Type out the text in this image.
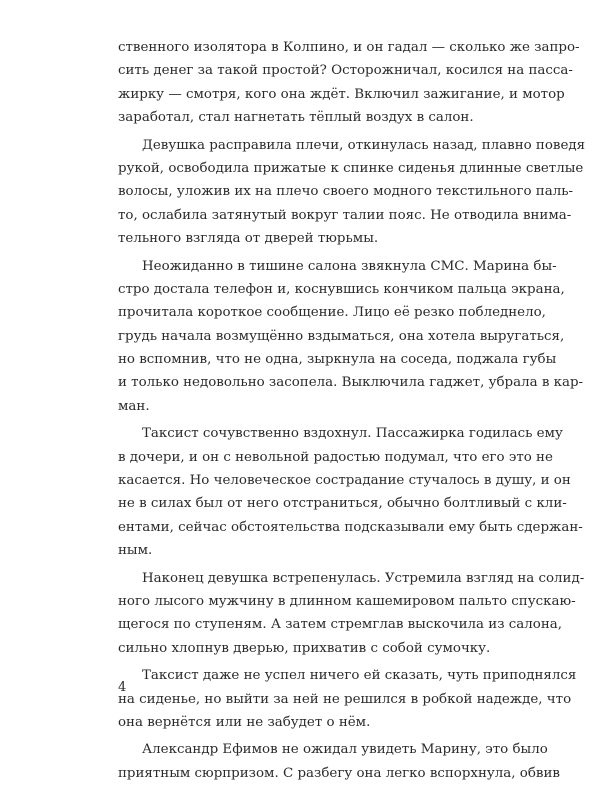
ственного изолятора в Колпино, и он гадал — сколько же запро-
сить денег за такой простой? Осторожничал, косился на пасса-
жирку — смотря, кого она ждёт. Включил зажигание, и мотор
заработал, стал нагнетать тёплый воздух в салон.
Девушка расправила плечи, откинулась назад, плавно поведя
рукой, освободила прижатые к спинке сиденья длинные светлые
волосы, уложив их на плечо своего модного текстильного паль-
то, ослабила затянутый вокруг талии пояс. Не отводила внима-
тельного взгляда от дверей тюрьмы.
Неожиданно в тишине салона звякнула СМС. Марина бы-
стро достала телефон и, коснувшись кончиком пальца экрана,
прочитала короткое сообщение. Лицо её резко побледнело,
грудь начала возмущённо вздыматься, она хотела выругаться,
но вспомнив, что не одна, зыркнула на соседа, поджала губы
и только недовольно засопела. Выключила гаджет, убрала в кар-
ман.
Таксист сочувственно вздохнул. Пассажирка годилась ему
в дочери, и он с невольной радостью подумал, что его это не
касается. Но человеческое сострадание стучалось в душу, и он
не в силах был от него отстраниться, обычно болтливый с кли-
ентами, сейчас обстоятельства подсказывали ему быть сдержан-
ным.
Наконец девушка встрепенулась. Устремила взгляд на солид-
ного лысого мужчину в длинном кашемировом пальто спускаю-
щегося по ступеням. А затем стремглав выскочила из салона,
сильно хлопнув дверью, прихватив с собой сумочку.
Таксист даже не успел ничего ей сказать, чуть приподнялся
на сиденье, но выйти за ней не решился в робкой надежде, что
она вернётся или не забудет о нём.
Александр Ефимов не ожидал увидеть Марину, это было
приятным сюрпризом. С разбегу она легко вспорхнула, обвив
4
